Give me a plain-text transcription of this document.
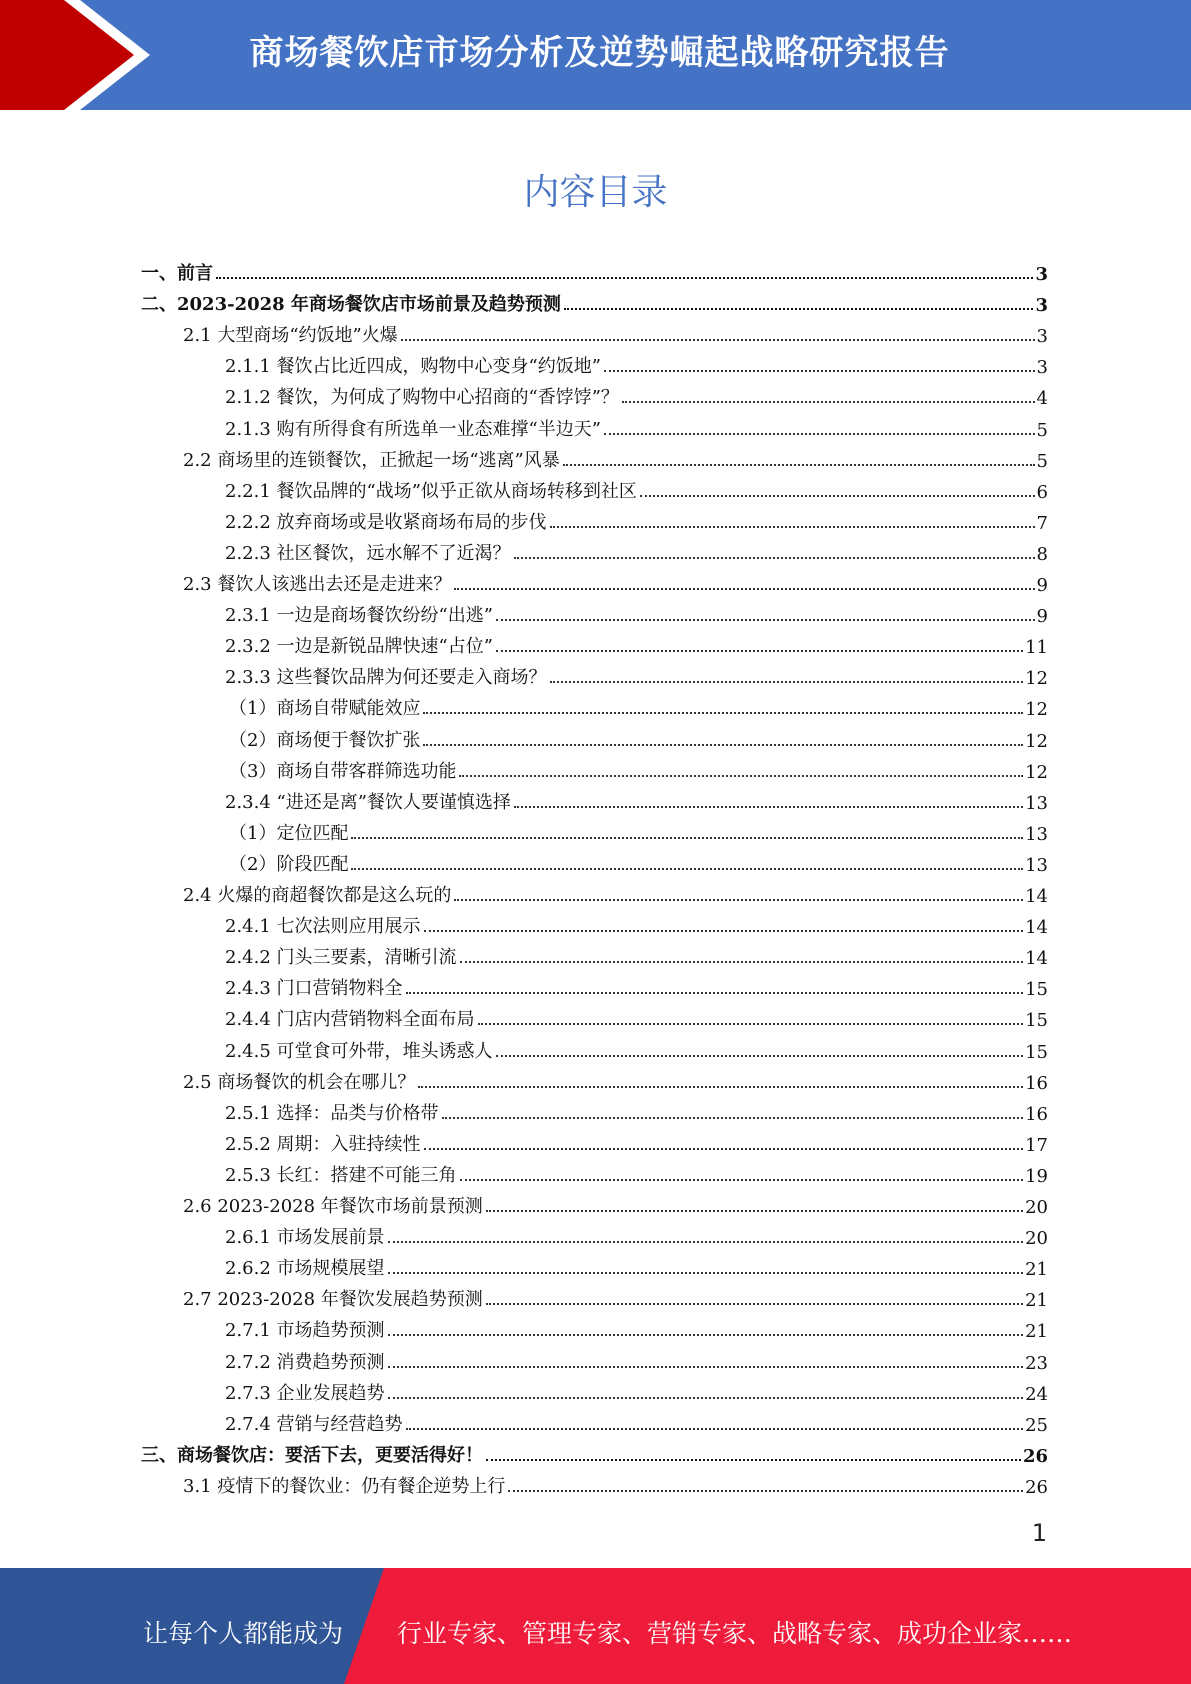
商场餐饮店市场分析及逆势崛起战略研究报告
内容目录
一、前言	3
二、2023-2028 年商场餐饮店市场前景及趋势预测	3
2.1 大型商场“约饭地”火爆	3
2.1.1 餐饮占比近四成，购物中心变身“约饭地”	3
2.1.2 餐饮，为何成了购物中心招商的“香饽饽”？	4
2.1.3 购有所得食有所选单一业态难撑“半边天”	5
2.2 商场里的连锁餐饮，正掀起一场“逃离”风暴	5
2.2.1 餐饮品牌的“战场”似乎正欲从商场转移到社区	6
2.2.2 放弃商场或是收紧商场布局的步伐	7
2.2.3 社区餐饮，远水解不了近渴？	8
2.3 餐饮人该逃出去还是走进来？	9
2.3.1 一边是商场餐饮纷纷“出逃”	9
2.3.2 一边是新锐品牌快速“占位”	11
2.3.3 这些餐饮品牌为何还要走入商场？	12
（1）商场自带赋能效应	12
（2）商场便于餐饮扩张	12
（3）商场自带客群筛选功能	12
2.3.4 “进还是离”餐饮人要谨慎选择	13
（1）定位匹配	13
（2）阶段匹配	13
2.4 火爆的商超餐饮都是这么玩的	14
2.4.1 七次法则应用展示	14
2.4.2 门头三要素，清晰引流	14
2.4.3 门口营销物料全	15
2.4.4 门店内营销物料全面布局	15
2.4.5 可堂食可外带，堆头诱惑人	15
2.5 商场餐饮的机会在哪儿？	16
2.5.1 选择：品类与价格带	16
2.5.2 周期：入驻持续性	17
2.5.3 长红：搭建不可能三角	19
2.6 2023-2028 年餐饮市场前景预测	20
2.6.1 市场发展前景	20
2.6.2 市场规模展望	21
2.7 2023-2028 年餐饮发展趋势预测	21
2.7.1 市场趋势预测	21
2.7.2 消费趋势预测	23
2.7.3 企业发展趋势	24
2.7.4 营销与经营趋势	25
三、商场餐饮店：要活下去，更要活得好！	26
3.1 疫情下的餐饮业：仍有餐企逆势上行	26
1
让每个人都能成为 行业专家、管理专家、营销专家、战略专家、成功企业家……
